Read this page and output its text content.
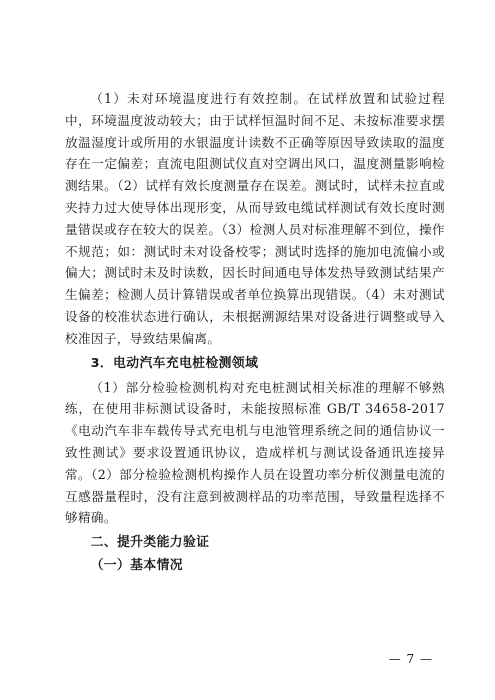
（1）未对环境温度进行有效控制。在试样放置和试验过程中，环境温度波动较大；由于试样恒温时间不足、未按标准要求摆放温湿度计或所用的水银温度计读数不正确等原因导致读取的温度存在一定偏差；直流电阻测试仪直对空调出风口，温度测量影响检测结果。（2）试样有效长度测量存在误差。测试时，试样未拉直或夹持力过大使导体出现形变，从而导致电缆试样测试有效长度时测量错误或存在较大的误差。（3）检测人员对标准理解不到位，操作不规范；如：测试时未对设备校零；测试时选择的施加电流偏小或偏大；测试时未及时读数，因长时间通电导体发热导致测试结果产生偏差；检测人员计算错误或者单位换算出现错误。（4）未对测试设备的校准状态进行确认，未根据溯源结果对设备进行调整或导入校准因子，导致结果偏离。

3．电动汽车充电桩检测领域

（1）部分检验检测机构对充电桩测试相关标准的理解不够熟练，在使用非标测试设备时，未能按照标准 GB/T 34658-2017《电动汽车非车载传导式充电机与电池管理系统之间的通信协议一致性测试》要求设置通讯协议，造成样机与测试设备通讯连接异常。（2）部分检验检测机构操作人员在设置功率分析仪测量电流的互感器量程时，没有注意到被测样品的功率范围，导致量程选择不够精确。

二、提升类能力验证

（一）基本情况

— 7 —
